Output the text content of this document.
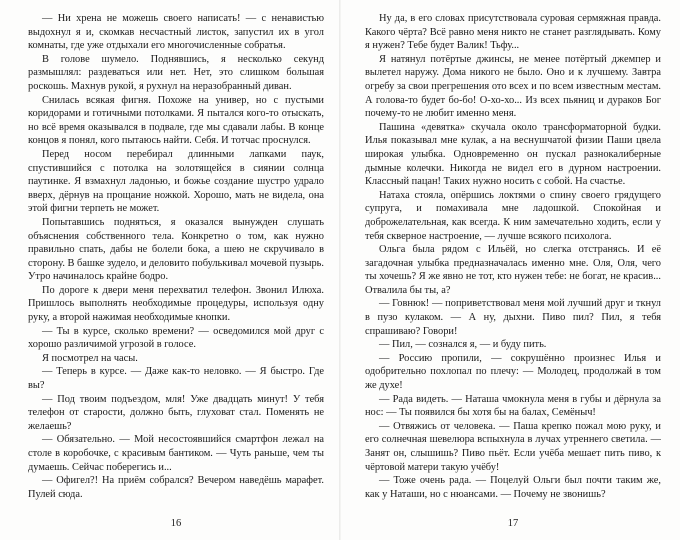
— Ни хрена не можешь своего написать! — с ненавистью выдохнул я и, скомкав несчастный листок, запустил их в угол комнаты, где уже отдыхали его многочисленные собратья.

В голове шумело. Поднявшись, я несколько секунд размышлял: раздеваться или нет. Нет, это слишком большая роскошь. Махнув рукой, я рухнул на неразобранный диван.

Снилась всякая фигня. Похоже на универ, но с пустыми коридорами и готичными потолками. Я пытался кого-то отыскать, но всё время оказывался в подвале, где мы сдавали лабы. В конце концов я понял, кого пытаюсь найти. Себя. И тотчас проснулся.

Перед носом перебирал длинными лапками паук, спустившийся с потолка на золотящейся в сиянии солнца паутинке. Я взмахнул ладонью, и божье создание шустро удрало вверх, дёрнув на прощание ножкой. Хорошо, мать не видела, она этой фигни терпеть не может.

Попытавшись подняться, я оказался вынужден слушать объяснения собственного тела. Конкретно о том, как нужно правильно спать, дабы не болели бока, а шею не скручивало в сторону. В башке зудело, и деловито побулькивал мочевой пузырь. Утро начиналось крайне бодро.

По дороге к двери меня перехватил телефон. Звонил Илюха. Пришлось выполнять необходимые процедуры, используя одну руку, а второй нажимая необходимые кнопки.

— Ты в курсе, сколько времени? — осведомился мой друг с хорошо различимой угрозой в голосе.

Я посмотрел на часы.

— Теперь в курсе. — Даже как-то неловко. — Я быстро. Где вы?

— Под твоим подъездом, мля! Уже двадцать минут! У тебя телефон от старости, должно быть, глуховат стал. Поменять не желаешь?

— Обязательно. — Мой несостоявшийся смартфон лежал на столе в коробочке, с красивым бантиком. — Чуть раньше, чем ты думаешь. Сейчас поберегись и...

— Офигел?! На приём собрался? Вечером наведёшь марафет. Пулей сюда.

Ну да, в его словах присутствовала суровая сермяжная правда. Какого чёрта? Всё равно меня никто не станет разглядывать. Кому я нужен? Тебе будет Валик! Тьфу...

Я натянул потёртые джинсы, не менее потёртый джемпер и вылетел наружу. Дома никого не было. Оно и к лучшему. Завтра огребу за свои прегрешения ото всех и по всем известным местам. А голова-то будет бо-бо! О-хо-хо... Из всех пьяниц и дураков Бог почему-то не любит именно меня.

Пашина «девятка» скучала около трансформаторной будки. Илья показывал мне кулак, а на веснушчатой физии Паши цвела широкая улыбка. Одновременно он пускал разнокалиберные дымные колечки. Никогда не видел его в дурном настроении. Классный пацан! Таких нужно носить с собой. На счастье.

Натаха стояла, опёршись локтями о спину своего грядущего супруга, и помахивала мне ладошкой. Спокойная и доброжелательная, как всегда. К ним замечательно ходить, если у тебя скверное настроение, — лучше всякого психолога.

Ольга была рядом с Ильёй, но слегка отстранясь. И её загадочная улыбка предназначалась именно мне. Оля, Оля, чего ты хочешь? Я же явно не тот, кто нужен тебе: не богат, не красив... Отвалила бы ты, а?

— Говнюк! — поприветствовал меня мой лучший друг и ткнул в пузо кулаком. — А ну, дыхни. Пиво пил? Пил, я тебя спрашиваю? Говори!

— Пил, — сознался я, — и буду пить.

— Россию пропили, — сокрушённо произнес Илья и одобрительно похлопал по плечу: — Молодец, продолжай в том же духе!

— Рада видеть. — Наташа чмокнула меня в губы и дёрнула за нос: — Ты появился бы хотя бы на балах, Семёныч!

— Отвяжись от человека. — Паша крепко пожал мою руку, и его солнечная шевелюра вспыхнула в лучах утреннего светила. — Занят он, слышишь? Пиво пьёт. Если учёба мешает пить пиво, к чёртовой матери такую учёбу!

— Тоже очень рада. — Поцелуй Ольги был почти таким же, как у Наташи, но с нюансами. — Почему не звонишь?

16	17
